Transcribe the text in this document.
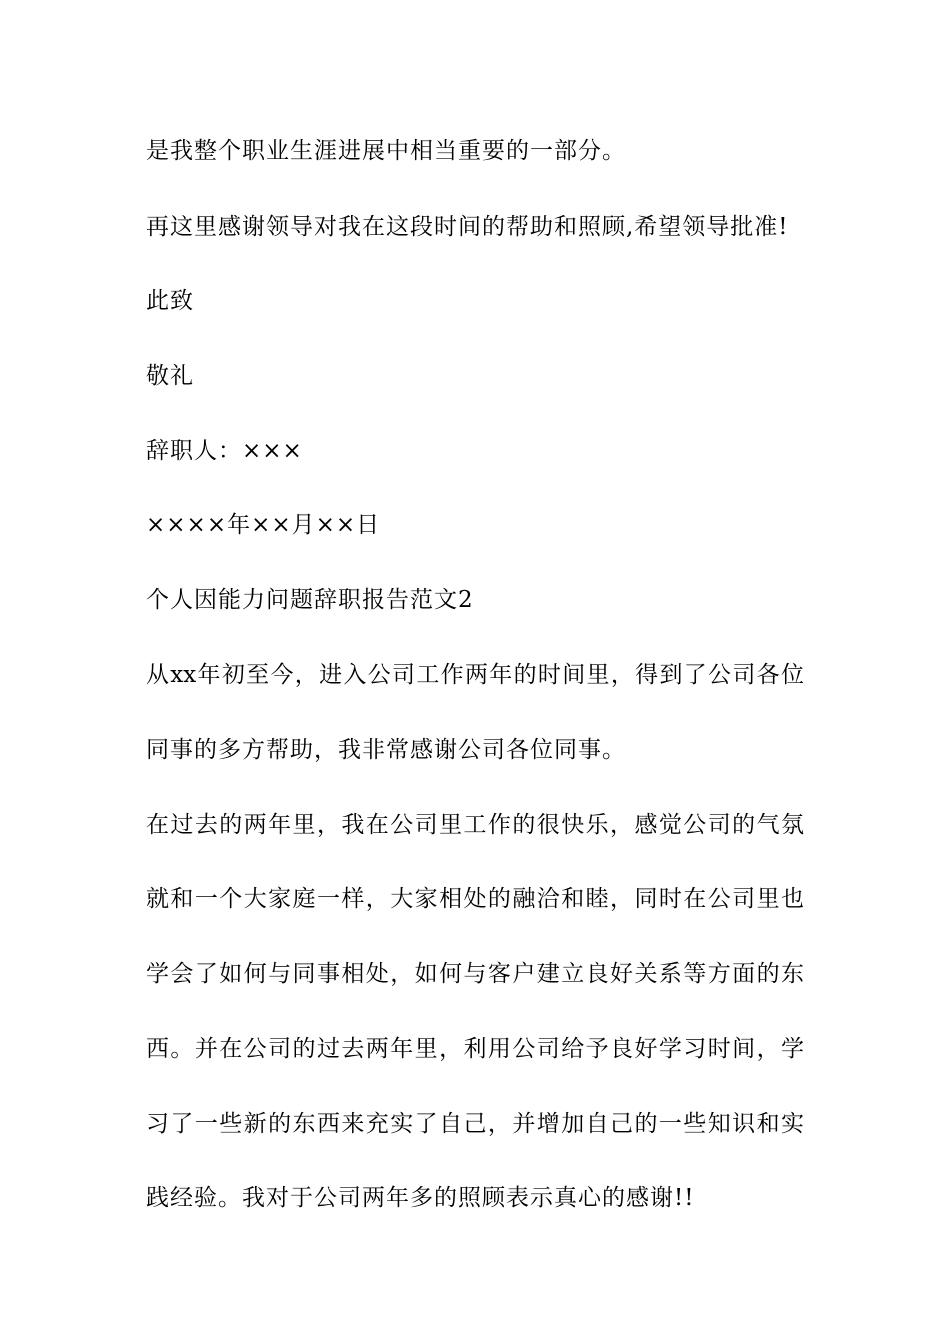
是我整个职业生涯进展中相当重要的一部分。

再这里感谢领导对我在这段时间的帮助和照顾,希望领导批准!

此致

敬礼

辞职人：×××

××××年××月××日

个人因能力问题辞职报告范文2

从xx年初至今，进入公司工作两年的时间里，得到了公司各位

同事的多方帮助，我非常感谢公司各位同事。

在过去的两年里，我在公司里工作的很快乐，感觉公司的气氛

就和一个大家庭一样，大家相处的融洽和睦，同时在公司里也

学会了如何与同事相处，如何与客户建立良好关系等方面的东

西。并在公司的过去两年里，利用公司给予良好学习时间，学

习了一些新的东西来充实了自己，并增加自己的一些知识和实

践经验。我对于公司两年多的照顾表示真心的感谢!!
